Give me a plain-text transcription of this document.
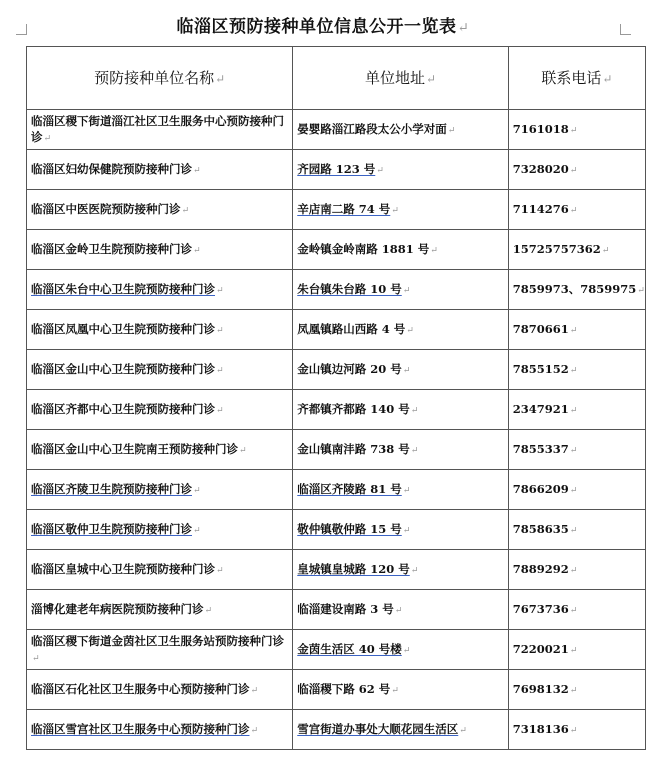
临淄区预防接种单位信息公开一览表↵
预防接种单位名称↵	单位地址↵	联系电话↵
临淄区稷下街道淄江社区卫生服务中心预防接种门诊↵	晏婴路淄江路段太公小学对面↵	7161018↵
临淄区妇幼保健院预防接种门诊↵	齐园路 123 号↵	7328020↵
临淄区中医医院预防接种门诊↵	辛店南二路 74 号↵	7114276↵
临淄区金岭卫生院预防接种门诊↵	金岭镇金岭南路 1881 号↵	15725757362↵
临淄区朱台中心卫生院预防接种门诊↵	朱台镇朱台路 10 号↵	7859973、7859975↵
临淄区凤凰中心卫生院预防接种门诊↵	凤凰镇路山西路 4 号↵	7870661↵
临淄区金山中心卫生院预防接种门诊↵	金山镇边河路 20 号↵	7855152↵
临淄区齐都中心卫生院预防接种门诊↵	齐都镇齐都路 140 号↵	2347921↵
临淄区金山中心卫生院南王预防接种门诊↵	金山镇南沣路 738 号↵	7855337↵
临淄区齐陵卫生院预防接种门诊↵	临淄区齐陵路 81 号↵	7866209↵
临淄区敬仲卫生院预防接种门诊↵	敬仲镇敬仲路 15 号↵	7858635↵
临淄区皇城中心卫生院预防接种门诊↵	皇城镇皇城路 120 号↵	7889292↵
淄博化建老年病医院预防接种门诊↵	临淄建设南路 3 号↵	7673736↵
临淄区稷下街道金茵社区卫生服务站预防接种门诊↵	金茵生活区 40 号楼↵	7220021↵
临淄区石化社区卫生服务中心预防接种门诊↵	临淄稷下路 62 号↵	7698132↵
临淄区雪宫社区卫生服务中心预防接种门诊↵	雪宫街道办事处大顺花园生活区↵	7318136↵
